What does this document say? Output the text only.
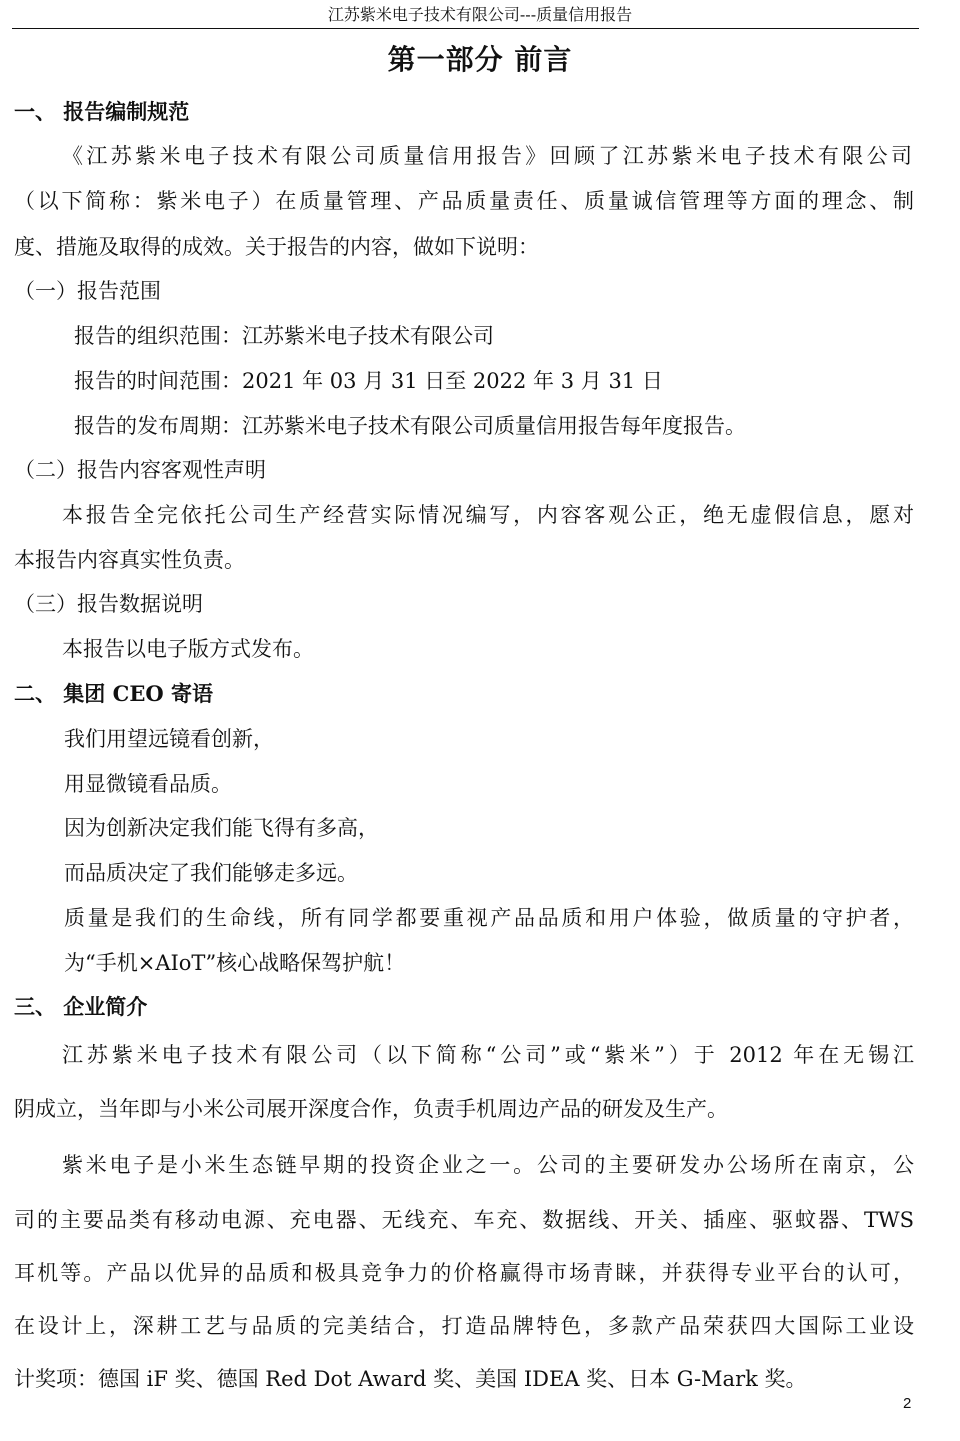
江苏紫米电子技术有限公司---质量信用报告
第一部分 前言
一、 报告编制规范
《江苏紫米电子技术有限公司质量信用报告》回顾了江苏紫米电子技术有限公司
（以下简称：紫米电子）在质量管理、产品质量责任、质量诚信管理等方面的理念、制
度、措施及取得的成效。关于报告的内容，做如下说明：
（一）报告范围
报告的组织范围：江苏紫米电子技术有限公司
报告的时间范围：2021 年 03 月 31 日至 2022 年 3 月 31 日
报告的发布周期：江苏紫米电子技术有限公司质量信用报告每年度报告。
（二）报告内容客观性声明
本报告全完依托公司生产经营实际情况编写，内容客观公正，绝无虚假信息，愿对
本报告内容真实性负责。
（三）报告数据说明
本报告以电子版方式发布。
二、 集团 CEO 寄语
我们用望远镜看创新，
用显微镜看品质。
因为创新决定我们能飞得有多高，
而品质决定了我们能够走多远。
质量是我们的生命线，所有同学都要重视产品品质和用户体验，做质量的守护者，
为“手机×AIoT”核心战略保驾护航！
三、 企业简介
江苏紫米电子技术有限公司（以下简称“公司”或“紫米”）于 2012 年在无锡江
阴成立，当年即与小米公司展开深度合作，负责手机周边产品的研发及生产。
紫米电子是小米生态链早期的投资企业之一。公司的主要研发办公场所在南京，公
司的主要品类有移动电源、充电器、无线充、车充、数据线、开关、插座、驱蚊器、TWS
耳机等。产品以优异的品质和极具竞争力的价格赢得市场青睐，并获得专业平台的认可，
在设计上，深耕工艺与品质的完美结合，打造品牌特色，多款产品荣获四大国际工业设
计奖项：德国 iF 奖、德国 Red Dot Award 奖、美国 IDEA 奖、日本 G-Mark 奖。
2
